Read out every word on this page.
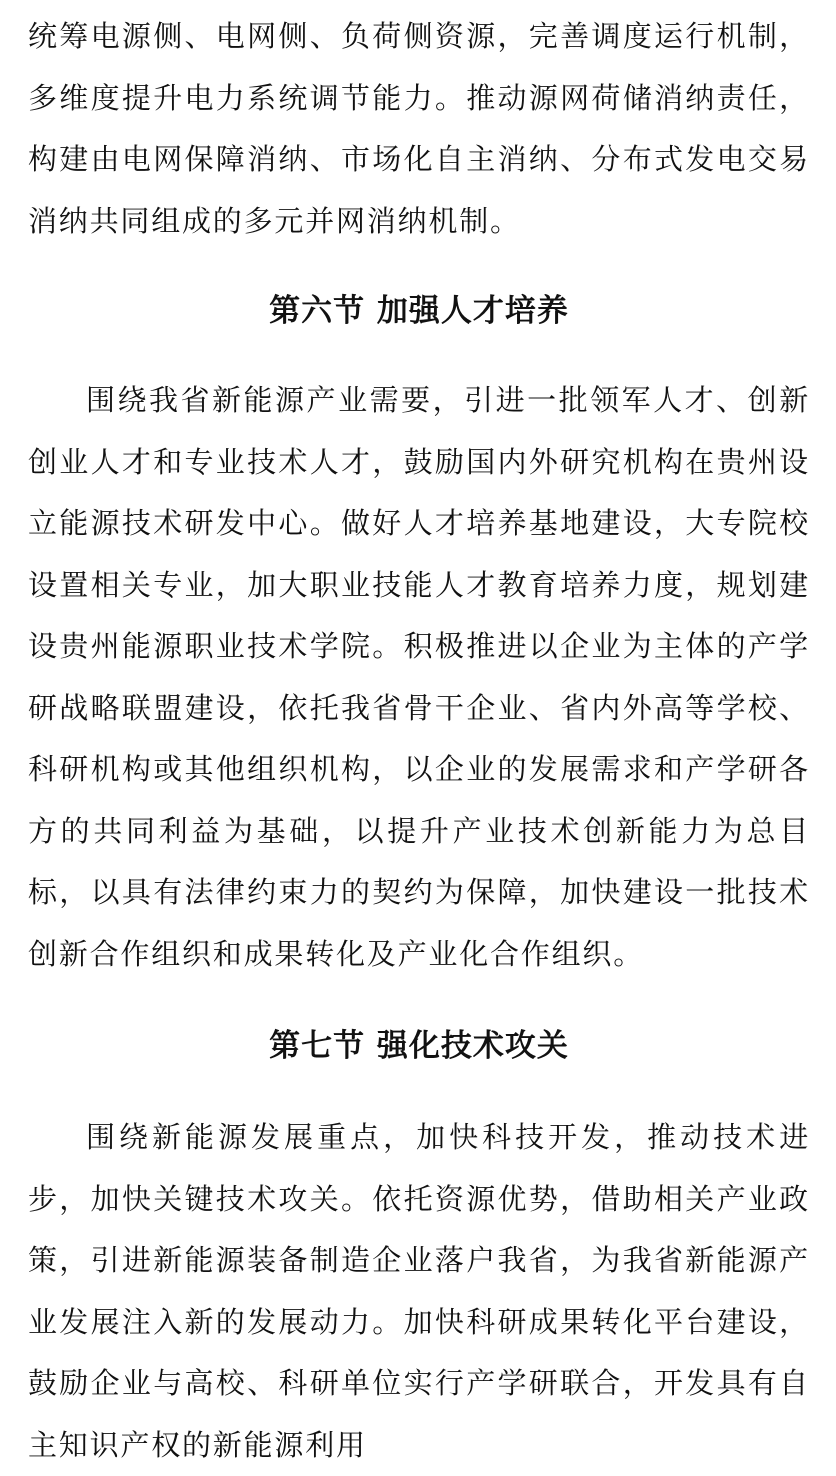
统筹电源侧、电网侧、负荷侧资源，完善调度运行机制，多维度提升电力系统调节能力。推动源网荷储消纳责任，构建由电网保障消纳、市场化自主消纳、分布式发电交易消纳共同组成的多元并网消纳机制。

第六节 加强人才培养

围绕我省新能源产业需要，引进一批领军人才、创新创业人才和专业技术人才，鼓励国内外研究机构在贵州设立能源技术研发中心。做好人才培养基地建设，大专院校设置相关专业，加大职业技能人才教育培养力度，规划建设贵州能源职业技术学院。积极推进以企业为主体的产学研战略联盟建设，依托我省骨干企业、省内外高等学校、科研机构或其他组织机构，以企业的发展需求和产学研各方的共同利益为基础，以提升产业技术创新能力为总目标，以具有法律约束力的契约为保障，加快建设一批技术创新合作组织和成果转化及产业化合作组织。

第七节 强化技术攻关

围绕新能源发展重点，加快科技开发，推动技术进步，加快关键技术攻关。依托资源优势，借助相关产业政策，引进新能源装备制造企业落户我省，为我省新能源产业发展注入新的发展动力。加快科研成果转化平台建设，鼓励企业与高校、科研单位实行产学研联合，开发具有自主知识产权的新能源利用
